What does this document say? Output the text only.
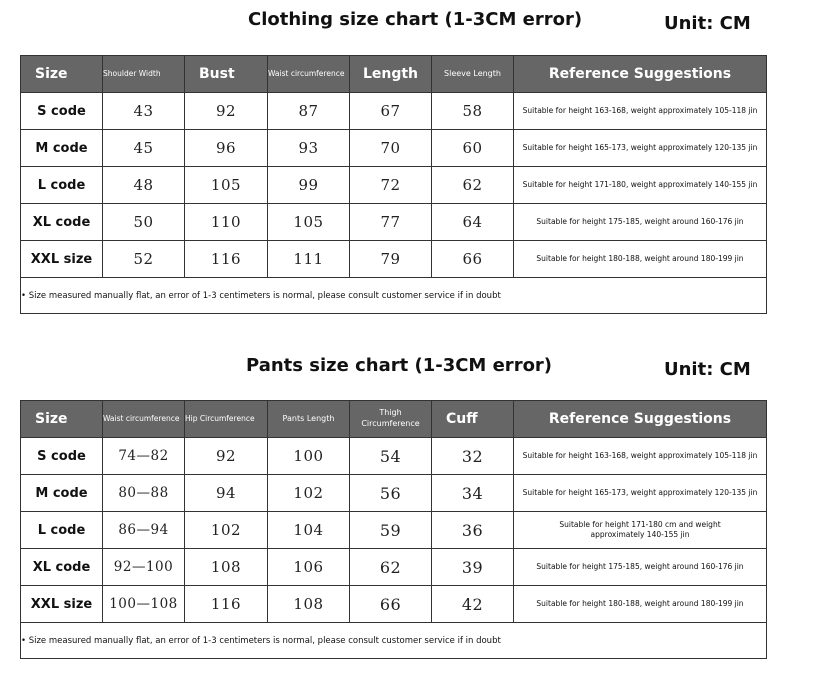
Clothing size chart (1-3CM error)	Unit: CM
Size	Shoulder Width	Bust	Waist circumference	Length	Sleeve Length	Reference Suggestions
S code	43	92	87	67	58	Suitable for height 163-168, weight approximately 105-118 jin
M code	45	96	93	70	60	Suitable for height 165-173, weight approximately 120-135 jin
L code	48	105	99	72	62	Suitable for height 171-180, weight approximately 140-155 jin
XL code	50	110	105	77	64	Suitable for height 175-185, weight around 160-176 jin
XXL size	52	116	111	79	66	Suitable for height 180-188, weight around 180-199 jin
• Size measured manually flat, an error of 1-3 centimeters is normal, please consult customer service if in doubt						
Pants size chart (1-3CM error)	Unit: CM
Size	Waist circumference	Hip Circumference	Pants Length	Thigh Circumference	Cuff	Reference Suggestions
S code	74—82	92	100	54	32	Suitable for height 163-168, weight approximately 105-118 jin
M code	80—88	94	102	56	34	Suitable for height 165-173, weight approximately 120-135 jin
L code	86—94	102	104	59	36	Suitable for height 171-180 cm and weight approximately 140-155 jin
XL code	92—100	108	106	62	39	Suitable for height 175-185, weight around 160-176 jin
XXL size	100—108	116	108	66	42	Suitable for height 180-188, weight around 180-199 jin
• Size measured manually flat, an error of 1-3 centimeters is normal, please consult customer service if in doubt						
